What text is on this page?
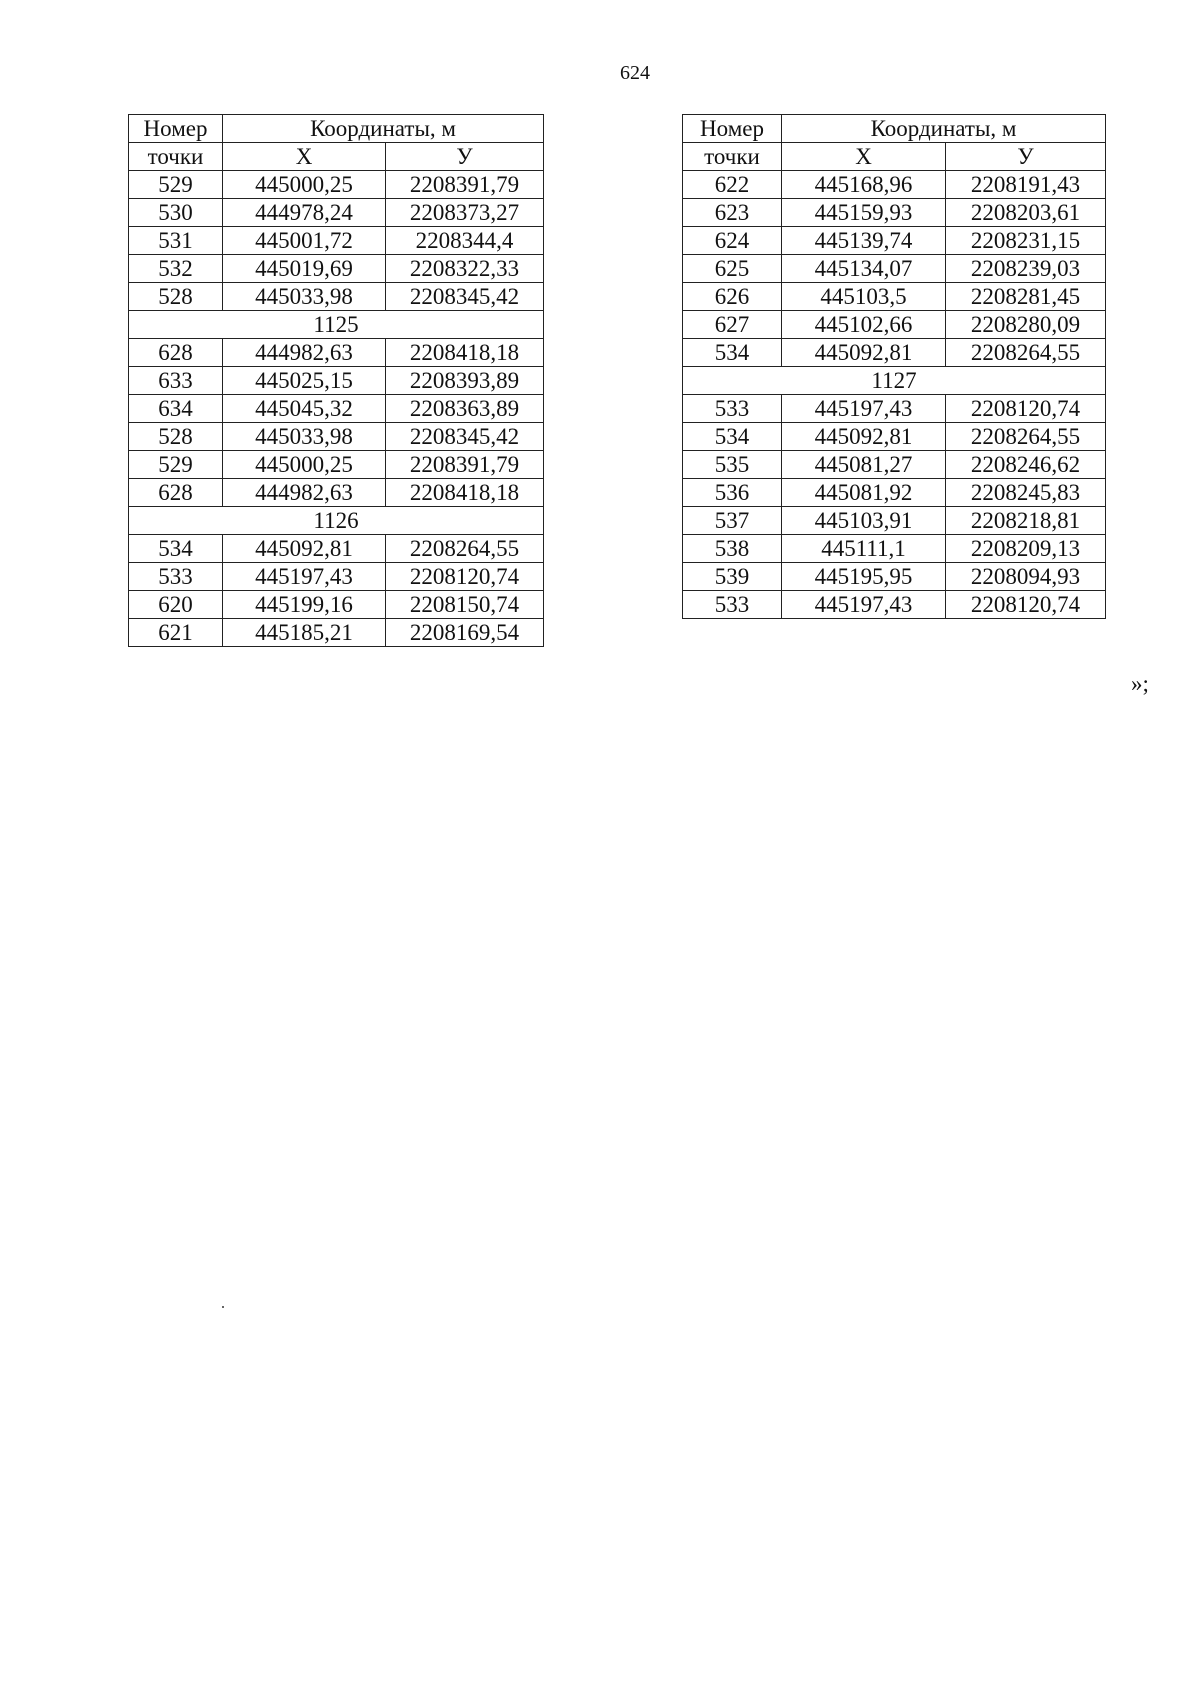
624
Номер	Координаты, м	
точки	Х	У
529	445000,25	2208391,79
530	444978,24	2208373,27
531	445001,72	2208344,4
532	445019,69	2208322,33
528	445033,98	2208345,42
1125		
628	444982,63	2208418,18
633	445025,15	2208393,89
634	445045,32	2208363,89
528	445033,98	2208345,42
529	445000,25	2208391,79
628	444982,63	2208418,18
1126		
534	445092,81	2208264,55
533	445197,43	2208120,74
620	445199,16	2208150,74
621	445185,21	2208169,54
Номер	Координаты, м	
точки	Х	У
622	445168,96	2208191,43
623	445159,93	2208203,61
624	445139,74	2208231,15
625	445134,07	2208239,03
626	445103,5	2208281,45
627	445102,66	2208280,09
534	445092,81	2208264,55
1127		
533	445197,43	2208120,74
534	445092,81	2208264,55
535	445081,27	2208246,62
536	445081,92	2208245,83
537	445103,91	2208218,81
538	445111,1	2208209,13
539	445195,95	2208094,93
533	445197,43	2208120,74
»;
